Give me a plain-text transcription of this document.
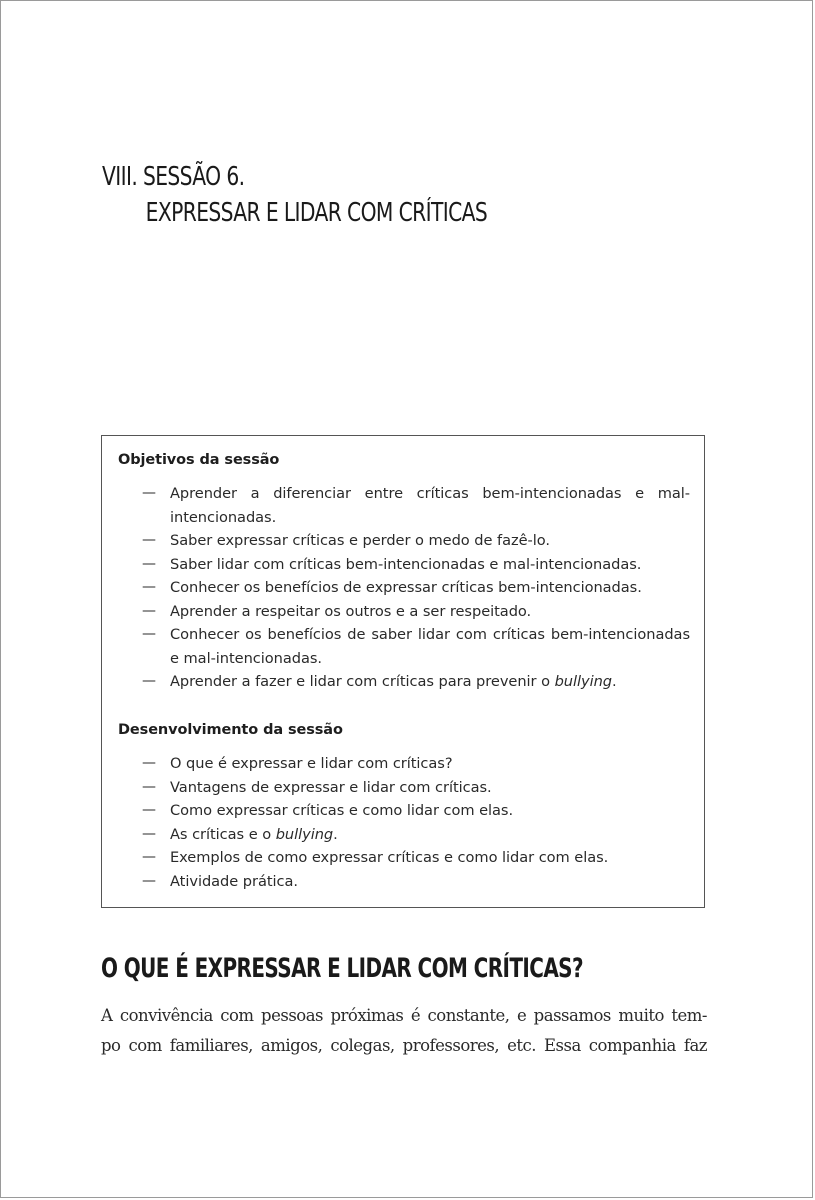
VIII. SESSÃO 6.
EXPRESSAR E LIDAR COM CRÍTICAS
Objetivos da sessão
— Aprender a diferenciar entre críticas bem-intencionadas e mal-intencionadas.
— Saber expressar críticas e perder o medo de fazê-lo.
— Saber lidar com críticas bem-intencionadas e mal-intencionadas.
— Conhecer os benefícios de expressar críticas bem-intencionadas.
— Aprender a respeitar os outros e a ser respeitado.
— Conhecer os benefícios de saber lidar com críticas bem-intencionadas e mal-intencionadas.
— Aprender a fazer e lidar com críticas para prevenir o bullying.
Desenvolvimento da sessão
— O que é expressar e lidar com críticas?
— Vantagens de expressar e lidar com críticas.
— Como expressar críticas e como lidar com elas.
— As críticas e o bullying.
— Exemplos de como expressar críticas e como lidar com elas.
— Atividade prática.
O QUE É EXPRESSAR E LIDAR COM CRÍTICAS?
A convivência com pessoas próximas é constante, e passamos muito tem-
po com familiares, amigos, colegas, professores, etc. Essa companhia faz
